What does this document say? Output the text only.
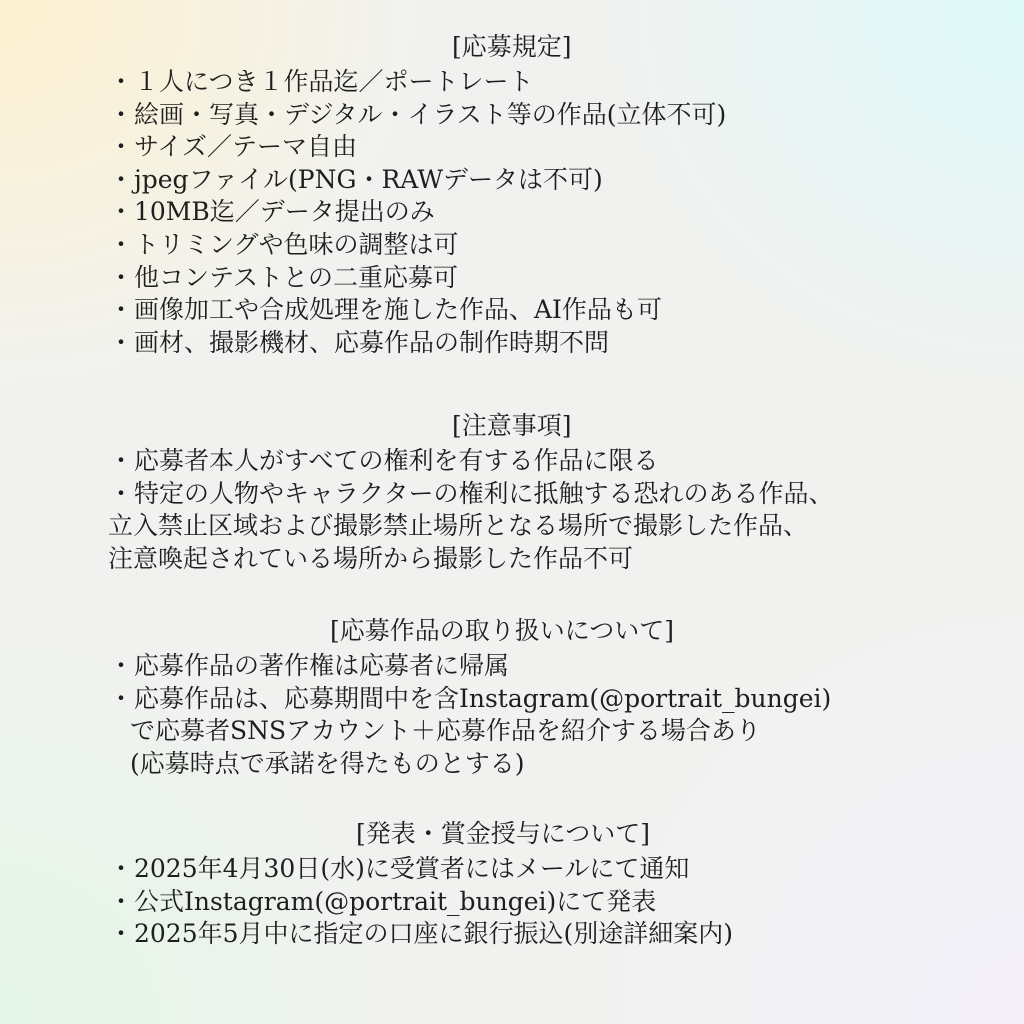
[応募規定]
・１人につき１作品迄／ポートレート
・絵画・写真・デジタル・イラスト等の作品(立体不可)
・サイズ／テーマ自由
・jpegファイル(PNG・RAWデータは不可)
・10MB迄／データ提出のみ
・トリミングや色味の調整は可
・他コンテストとの二重応募可
・画像加工や合成処理を施した作品、AI作品も可
・画材、撮影機材、応募作品の制作時期不問
[注意事項]
・応募者本人がすべての権利を有する作品に限る
・特定の人物やキャラクターの権利に抵触する恐れのある作品、
立入禁止区域および撮影禁止場所となる場所で撮影した作品、
注意喚起されている場所から撮影した作品不可
[応募作品の取り扱いについて]
・応募作品の著作権は応募者に帰属
・応募作品は、応募期間中を含Instagram(@portrait_bungei)
で応募者SNSアカウント＋応募作品を紹介する場合あり
(応募時点で承諾を得たものとする)
[発表・賞金授与について]
・2025年4月30日(水)に受賞者にはメールにて通知
・公式Instagram(@portrait_bungei)にて発表
・2025年5月中に指定の口座に銀行振込(別途詳細案内)
